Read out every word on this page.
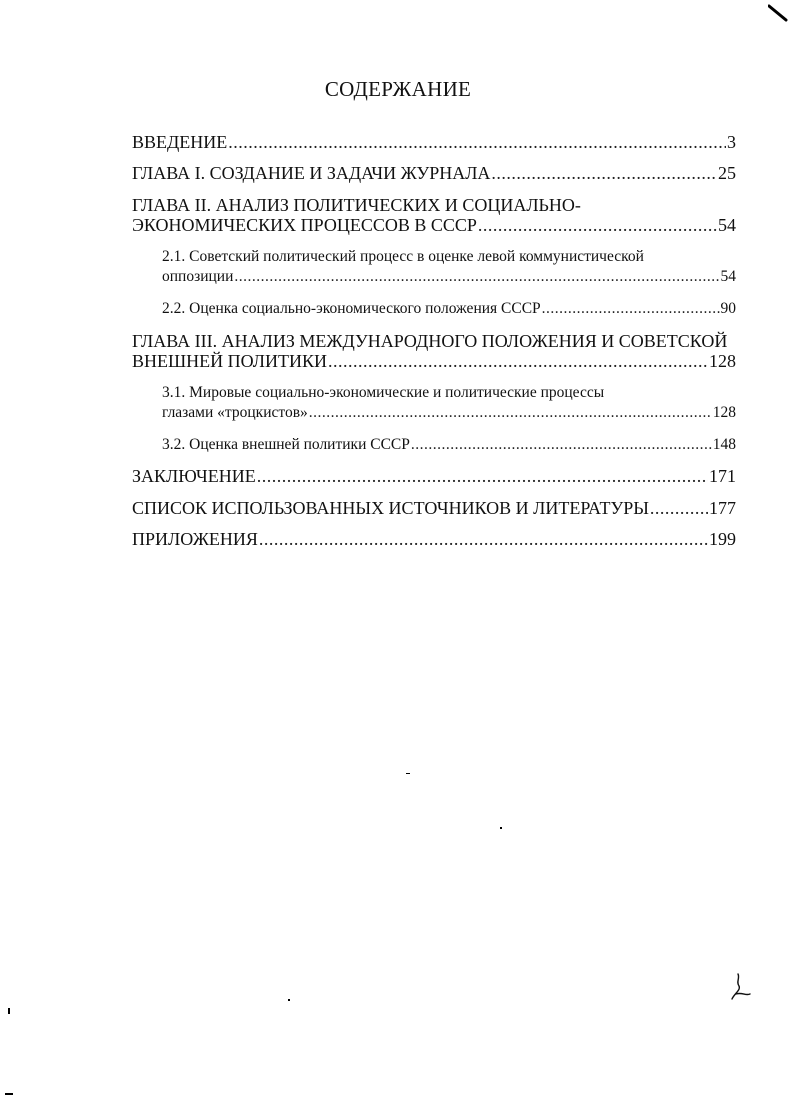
СОДЕРЖАНИЕ
ВВЕДЕНИЕ .....	3
ГЛАВА I. СОЗДАНИЕ И ЗАДАЧИ ЖУРНАЛА .....	25
ГЛАВА II. АНАЛИЗ ПОЛИТИЧЕСКИХ И СОЦИАЛЬНО-
ЭКОНОМИЧЕСКИХ ПРОЦЕССОВ В СССР .....	54
2.1. Советский политический процесс в оценке левой коммунистической
оппозиции .....	54
2.2. Оценка социально-экономического положения СССР .....	90
ГЛАВА III. АНАЛИЗ МЕЖДУНАРОДНОГО ПОЛОЖЕНИЯ И СОВЕТСКОЙ
ВНЕШНЕЙ ПОЛИТИКИ .....	128
3.1. Мировые социально-экономические и политические процессы
глазами «троцкистов» .....	128
3.2. Оценка внешней политики СССР .....	148
ЗАКЛЮЧЕНИЕ .....	171
СПИСОК ИСПОЛЬЗОВАННЫХ ИСТОЧНИКОВ И ЛИТЕРАТУРЫ .....	177
ПРИЛОЖЕНИЯ .....	199
